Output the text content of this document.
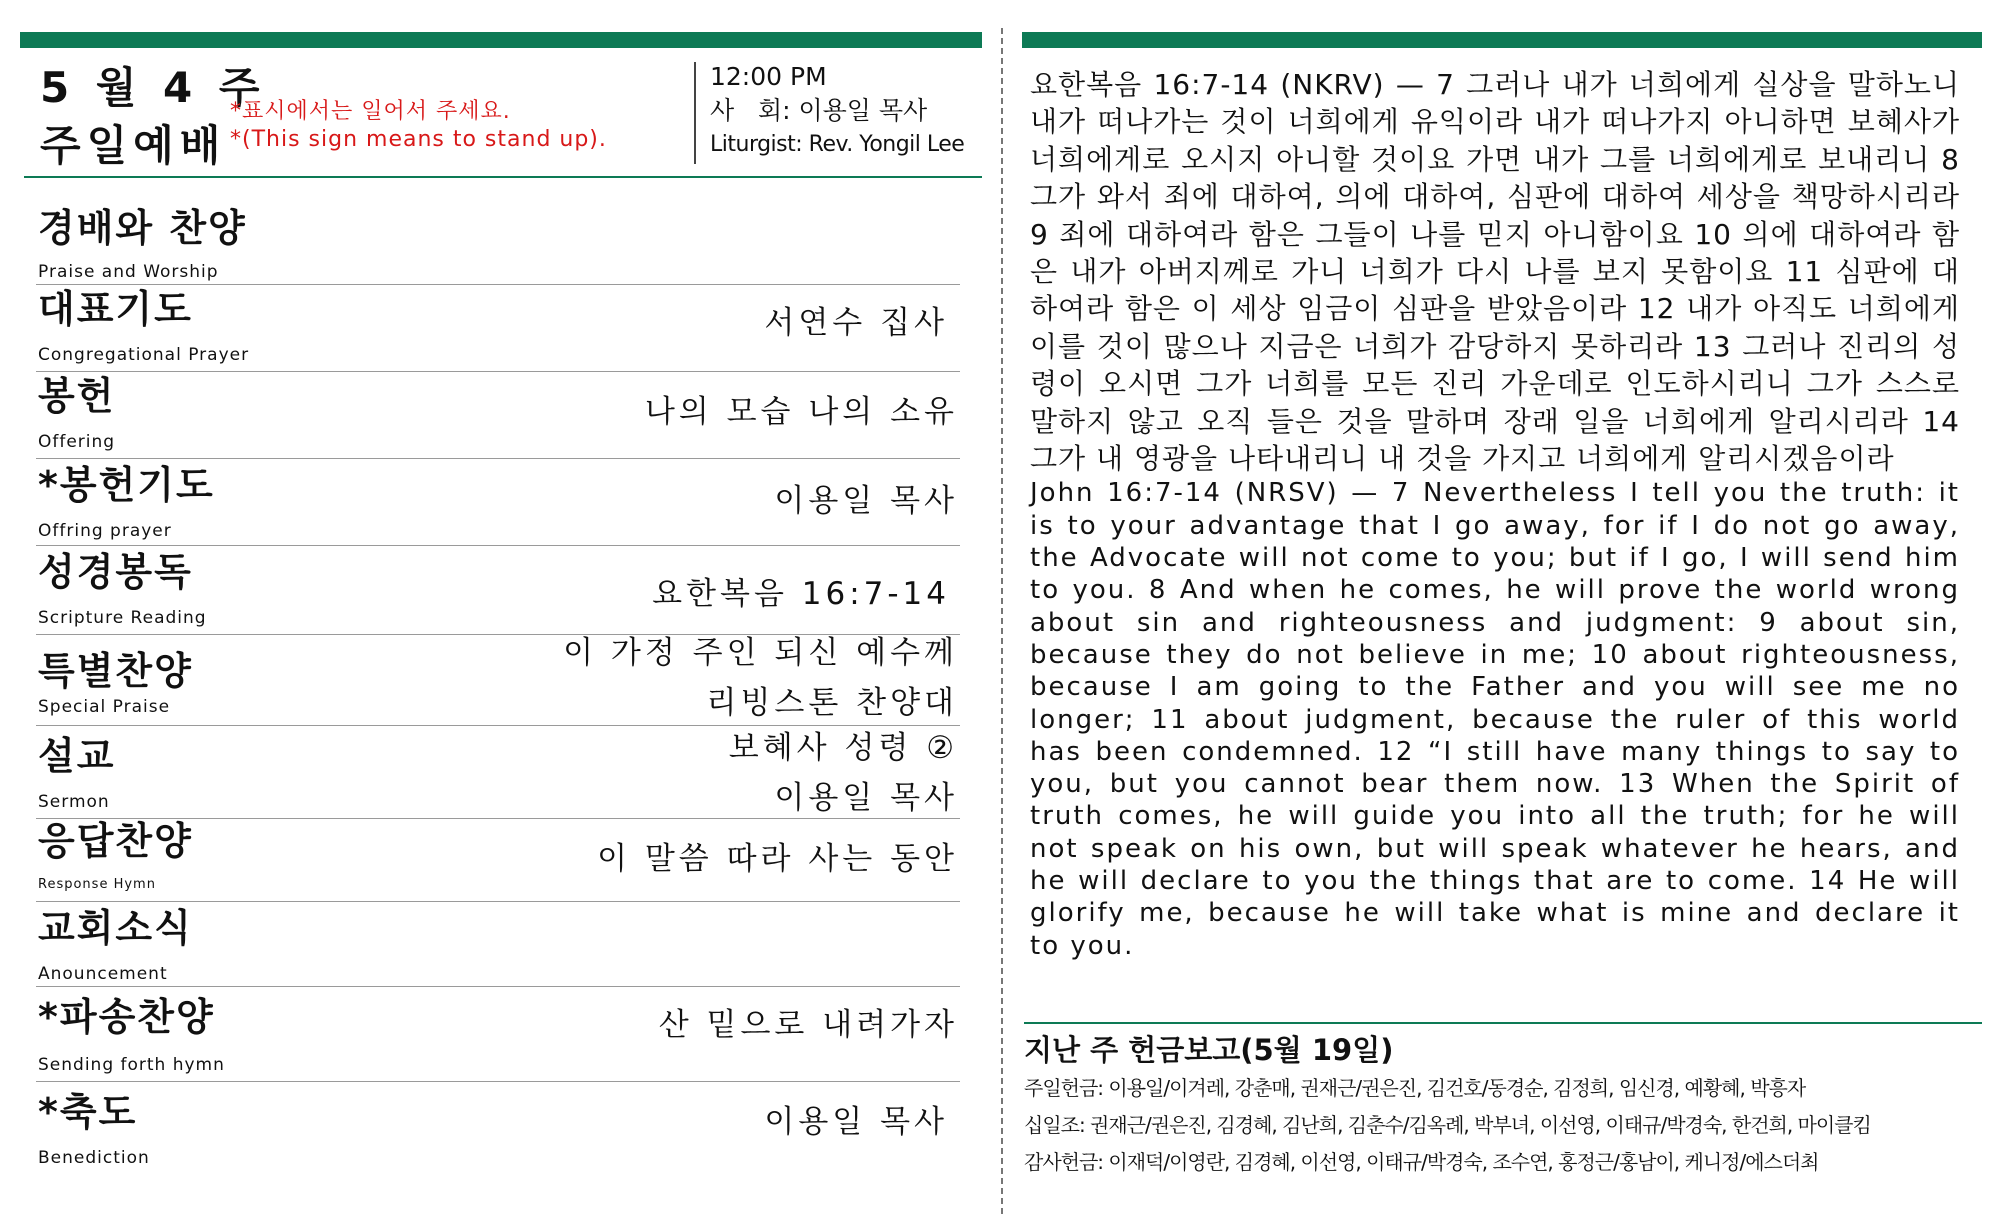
5 월 4 주
주일예배
*표시에서는 일어서 주세요.
*(This sign means to stand up).
12:00 PM
사   회: 이용일 목사
Liturgist: Rev. Yongil Lee
경배와 찬양
Praise and Worship
대표기도
Congregational Prayer
서연수 집사
봉헌
Offering
나의 모습 나의 소유
*봉헌기도
Offring prayer
이용일 목사
성경봉독
Scripture Reading
요한복음 16:7-14
특별찬양
Special Praise
이 가정 주인 되신 예수께
리빙스톤 찬양대
설교
Sermon
보혜사 성령 ②
이용일 목사
응답찬양
Response Hymn
이 말씀 따라 사는 동안
교회소식
Anouncement
*파송찬양
Sending forth hymn
산 밑으로 내려가자
*축도
Benediction
이용일 목사
요한복음 16:7-14 (NKRV) — 7 그러나 내가 너희에게 실상을 말하노니 내가 떠나가는 것이 너희에게 유익이라 내가 떠나가지 아니하면 보혜사가 너희에게로 오시지 아니할 것이요 가면 내가 그를 너희에게로 보내리니 8 그가 와서 죄에 대하여, 의에 대하여, 심판에 대하여 세상을 책망하시리라 9 죄에 대하여라 함은 그들이 나를 믿지 아니함이요 10 의에 대하여라 함은 내가 아버지께로 가니 너희가 다시 나를 보지 못함이요 11 심판에 대하여라 함은 이 세상 임금이 심판을 받았음이라 12 내가 아직도 너희에게 이를 것이 많으나 지금은 너희가 감당하지 못하리라 13 그러나 진리의 성령이 오시면 그가 너희를 모든 진리 가운데로 인도하시리니 그가 스스로 말하지 않고 오직 들은 것을 말하며 장래 일을 너희에게 알리시리라 14 그가 내 영광을 나타내리니 내 것을 가지고 너희에게 알리시겠음이라
John 16:7-14 (NRSV) — 7 Nevertheless I tell you the truth: it is to your advantage that I go away, for if I do not go away, the Advocate will not come to you; but if I go, I will send him to you. 8 And when he comes, he will prove the world wrong about sin and righteousness and judgment: 9 about sin, because they do not believe in me; 10 about righteousness, because I am going to the Father and you will see me no longer; 11 about judgment, because the ruler of this world has been condemned. 12 “I still have many things to say to you, but you cannot bear them now. 13 When the Spirit of truth comes, he will guide you into all the truth; for he will not speak on his own, but will speak whatever he hears, and he will declare to you the things that are to come. 14 He will glorify me, because he will take what is mine and declare it to you.
지난 주 헌금보고(5월 19일)
주일헌금: 이용일/이겨레, 강춘매, 권재근/권은진, 김건호/동경순, 김정희, 임신경, 예황혜, 박흥자
십일조: 권재근/권은진, 김경혜, 김난희, 김춘수/김옥례, 박부녀, 이선영, 이태규/박경숙, 한건희, 마이클킴
감사헌금: 이재덕/이영란, 김경혜, 이선영, 이태규/박경숙, 조수연, 홍정근/홍남이, 케니정/에스더최
